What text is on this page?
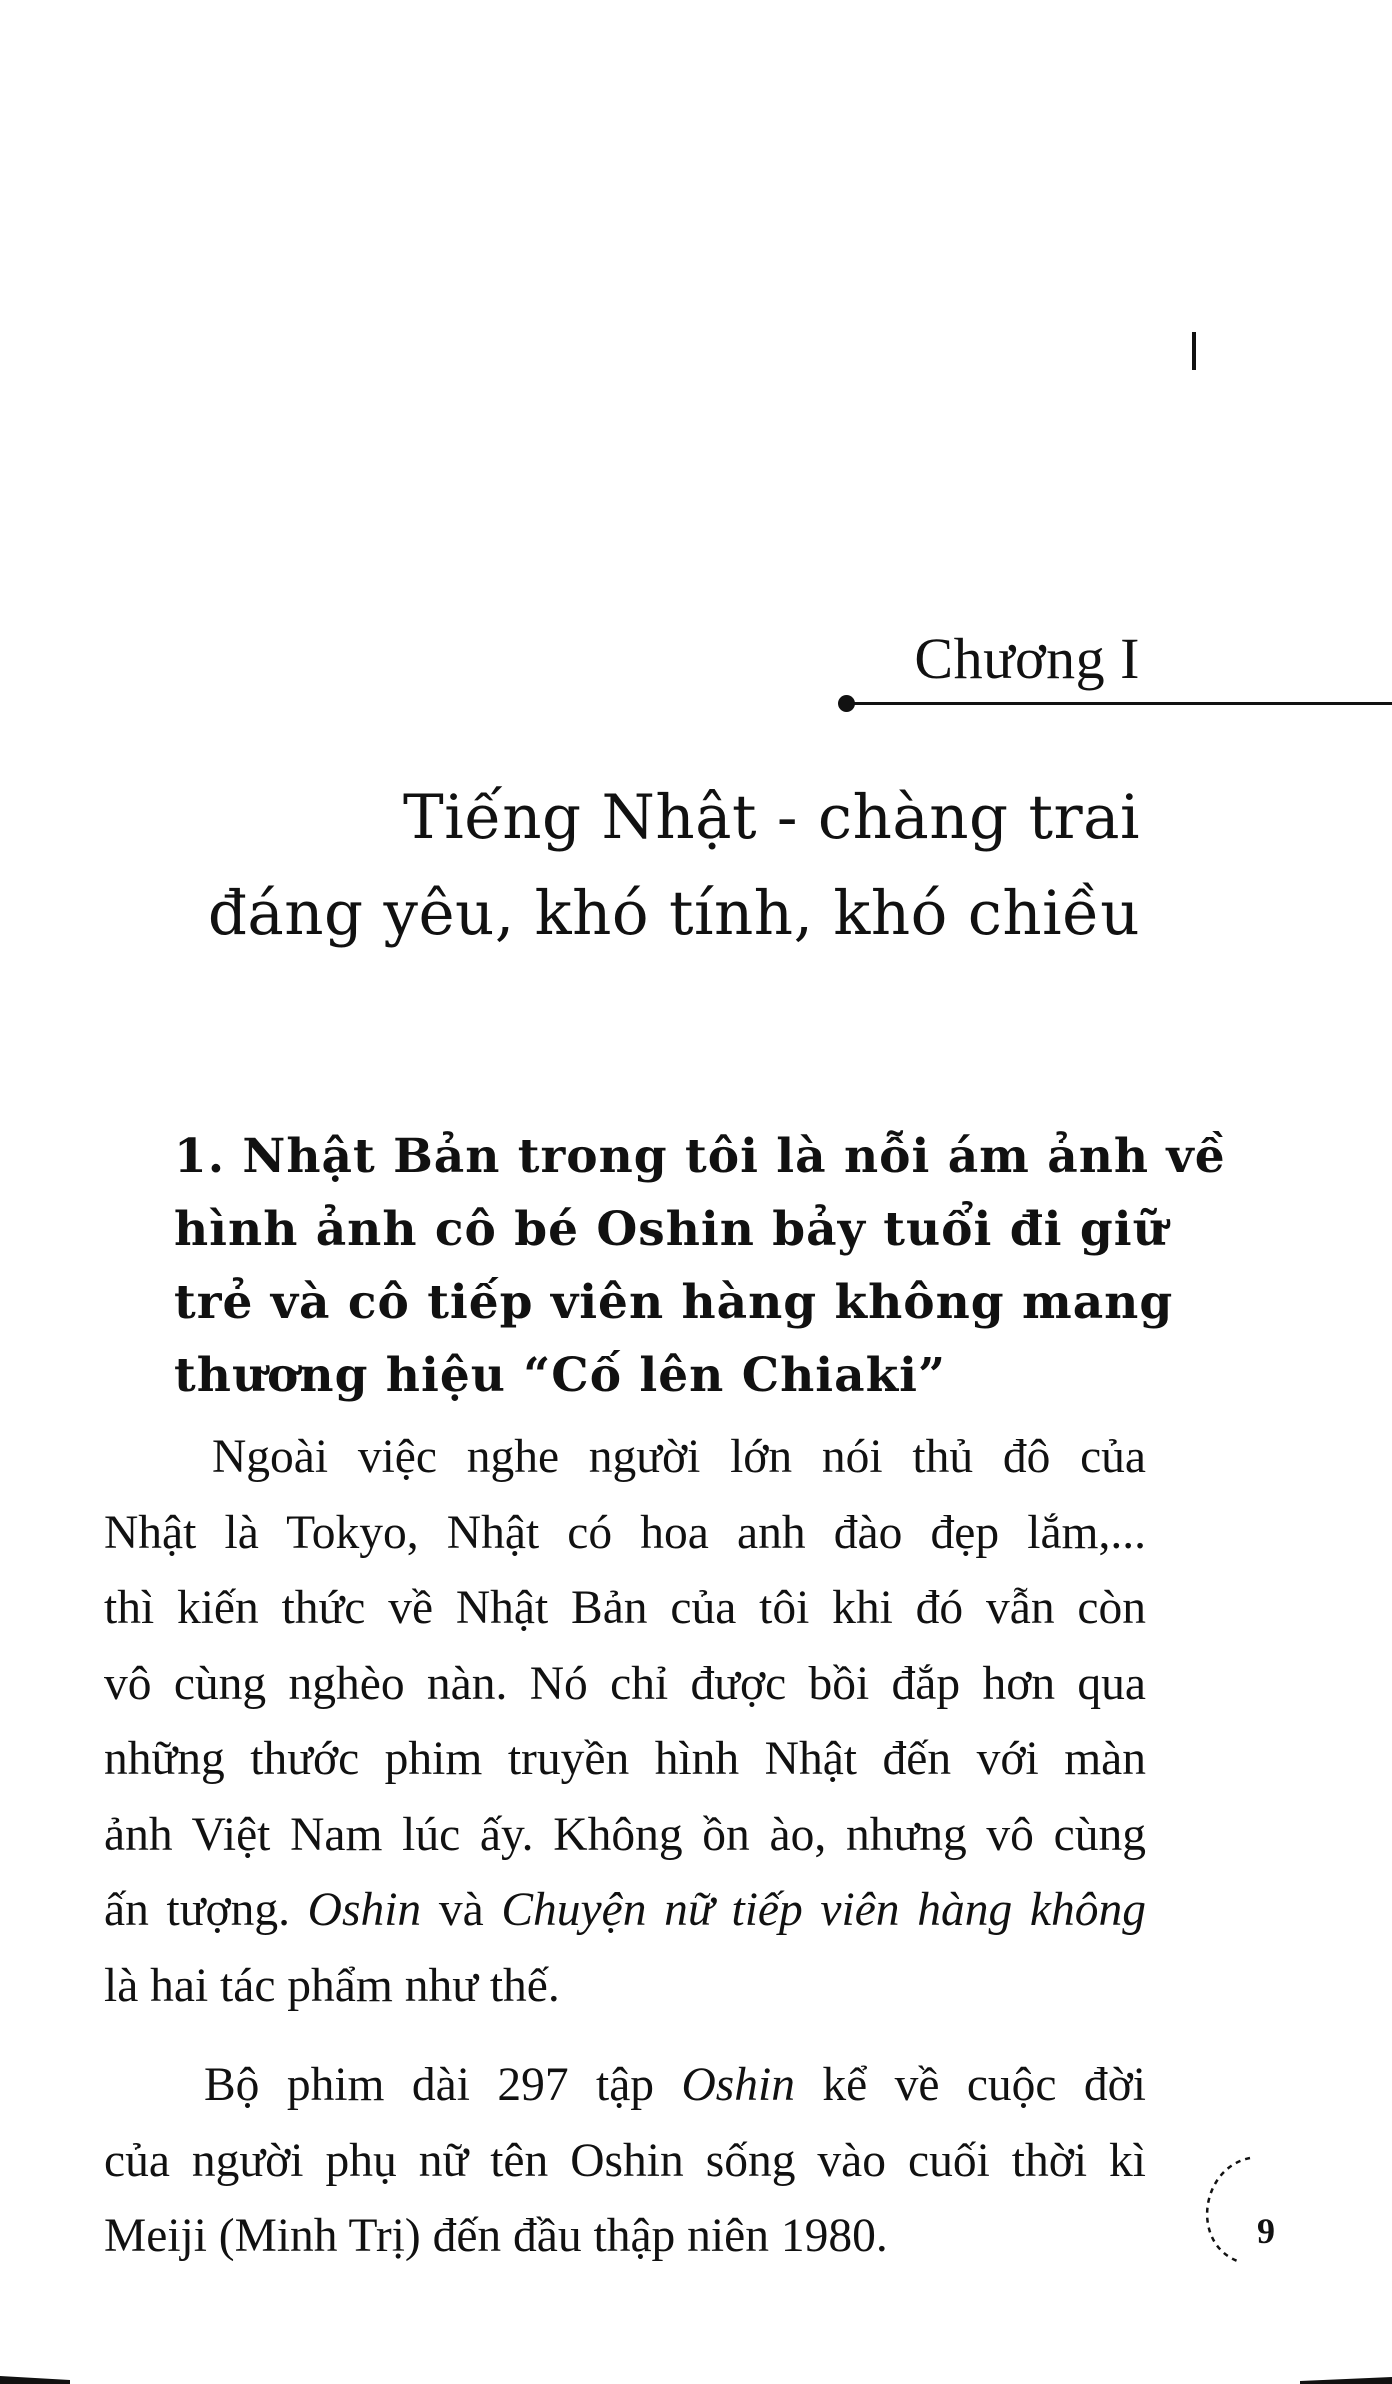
Chương I
Tiếng Nhật - chàng trai
đáng yêu, khó tính, khó chiều
1. Nhật Bản trong tôi là nỗi ám ảnh về
hình ảnh cô bé Oshin bảy tuổi đi giữ
trẻ và cô tiếp viên hàng không mang
thương hiệu “Cố lên Chiaki”
Ngoài việc nghe người lớn nói thủ đô của
Nhật là Tokyo, Nhật có hoa anh đào đẹp lắm,...
thì kiến thức về Nhật Bản của tôi khi đó vẫn còn
vô cùng nghèo nàn. Nó chỉ được bồi đắp hơn qua
những thước phim truyền hình Nhật đến với màn
ảnh Việt Nam lúc ấy. Không ồn ào, nhưng vô cùng
ấn tượng. Oshin và Chuyện nữ tiếp viên hàng không
là hai tác phẩm như thế.
Bộ phim dài 297 tập Oshin kể về cuộc đời
của người phụ nữ tên Oshin sống vào cuối thời kì
Meiji (Minh Trị) đến đầu thập niên 1980.	9
